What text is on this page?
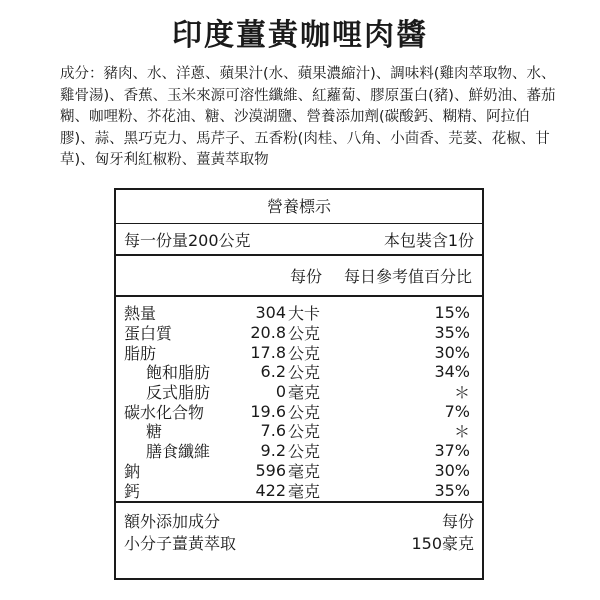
印度薑黃咖哩肉醬
成分：豬肉、水、洋蔥、蘋果汁(水、蘋果濃縮汁)、調味料(雞肉萃取物、水、雞骨湯)、香蕉、玉米來源可溶性纖維、紅蘿蔔、膠原蛋白(豬)、鮮奶油、蕃茄糊、咖哩粉、芥花油、糖、沙漠湖鹽、營養添加劑(碳酸鈣、糊精、阿拉伯膠)、蒜、黑巧克力、馬芹子、五香粉(肉桂、八角、小茴香、芫荽、花椒、甘草)、匈牙利紅椒粉、薑黃萃取物
營養標示
每一份量200公克	本包裝含1份
每份	每日參考值百分比
熱量	304 大卡	15%
蛋白質	20.8 公克	35%
脂肪	17.8 公克	30%
飽和脂肪	6.2 公克	34%
反式脂肪	0 毫克	＊
碳水化合物	19.6 公克	7%
糖	7.6 公克	＊
膳食纖維	9.2 公克	37%
鈉	596 毫克	30%
鈣	422 毫克	35%
額外添加成分	每份
小分子薑黃萃取	150豪克
